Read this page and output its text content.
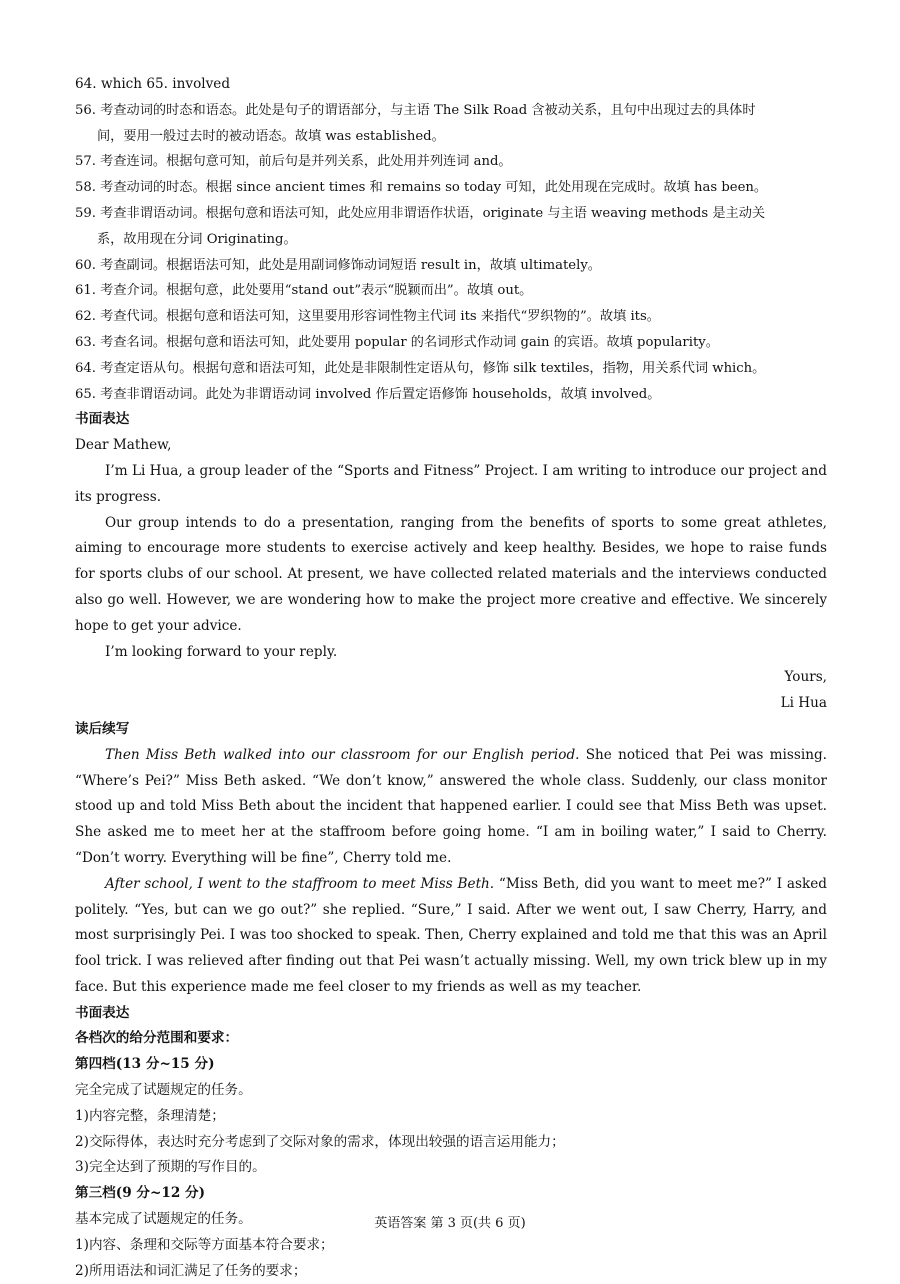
64. which 65. involved
56. 考查动词的时态和语态。此处是句子的谓语部分，与主语 The Silk Road 含被动关系，且句中出现过去的具体时
间，要用一般过去时的被动语态。故填 was established。
57. 考查连词。根据句意可知，前后句是并列关系，此处用并列连词 and。
58. 考查动词的时态。根据 since ancient times 和 remains so today 可知，此处用现在完成时。故填 has been。
59. 考查非谓语动词。根据句意和语法可知，此处应用非谓语作状语，originate 与主语 weaving methods 是主动关
系，故用现在分词 Originating。
60. 考查副词。根据语法可知，此处是用副词修饰动词短语 result in，故填 ultimately。
61. 考查介词。根据句意，此处要用“stand out”表示“脱颖而出”。故填 out。
62. 考查代词。根据句意和语法可知，这里要用形容词性物主代词 its 来指代“罗织物的”。故填 its。
63. 考查名词。根据句意和语法可知，此处要用 popular 的名词形式作动词 gain 的宾语。故填 popularity。
64. 考查定语从句。根据句意和语法可知，此处是非限制性定语从句，修饰 silk textiles，指物，用关系代词 which。
65. 考查非谓语动词。此处为非谓语动词 involved 作后置定语修饰 households，故填 involved。
书面表达
Dear Mathew,
I’m Li Hua, a group leader of the “Sports and Fitness” Project. I am writing to introduce our project and its progress.
Our group intends to do a presentation, ranging from the benefits of sports to some great athletes, aiming to encourage more students to exercise actively and keep healthy. Besides, we hope to raise funds for sports clubs of our school. At present, we have collected related materials and the interviews conducted also go well. However, we are wondering how to make the project more creative and effective. We sincerely hope to get your advice.
I’m looking forward to your reply.
Yours,
Li Hua
读后续写
Then Miss Beth walked into our classroom for our English period. She noticed that Pei was missing. “Where’s Pei?” Miss Beth asked. “We don’t know,” answered the whole class. Suddenly, our class monitor stood up and told Miss Beth about the incident that happened earlier. I could see that Miss Beth was upset. She asked me to meet her at the staffroom before going home. “I am in boiling water,” I said to Cherry. “Don’t worry. Everything will be fine”, Cherry told me.
After school, I went to the staffroom to meet Miss Beth. “Miss Beth, did you want to meet me?” I asked politely. “Yes, but can we go out?” she replied. “Sure,” I said. After we went out, I saw Cherry, Harry, and most surprisingly Pei. I was too shocked to speak. Then, Cherry explained and told me that this was an April fool trick. I was relieved after finding out that Pei wasn’t actually missing. Well, my own trick blew up in my face. But this experience made me feel closer to my friends as well as my teacher.
书面表达
各档次的给分范围和要求：
第四档(13 分~15 分)
完全完成了试题规定的任务。
1)内容完整，条理清楚；
2)交际得体，表达时充分考虑到了交际对象的需求，体现出较强的语言运用能力；
3)完全达到了预期的写作目的。
第三档(9 分~12 分)
基本完成了试题规定的任务。
1)内容、条理和交际等方面基本符合要求；
2)所用语法和词汇满足了任务的要求；
英语答案 第 3 页(共 6 页)
